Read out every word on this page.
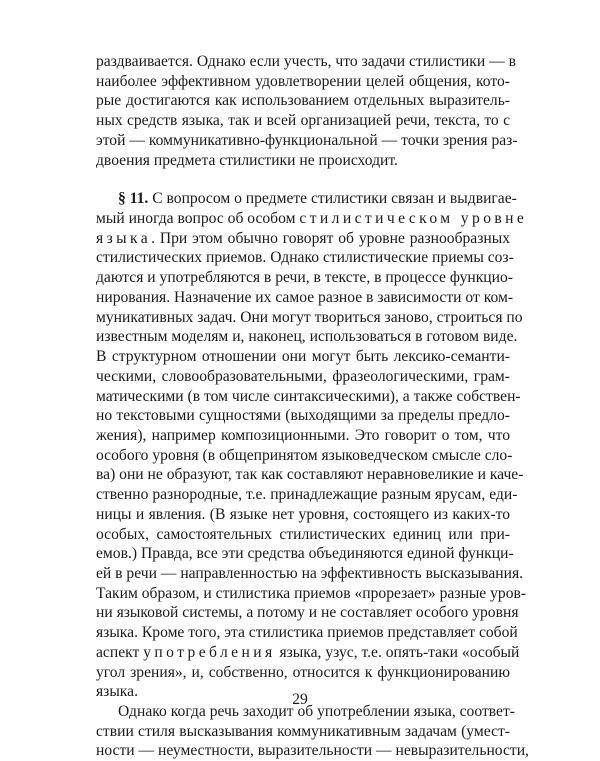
раздваивается. Однако если учесть, что задачи стилистики — в
наиболее эффективном удовлетворении целей общения, кото-
рые достигаются как использованием отдельных выразитель-
ных средств языка, так и всей организацией речи, текста, то с
этой — коммуникативно-функциональной — точки зрения раз-
двоения предмета стилистики не происходит.
§ 11. С вопросом о предмете стилистики связан и выдвигае-
мый иногда вопрос об особом стилистическом уровне
языка. При этом обычно говорят об уровне разнообразных
стилистических приемов. Однако стилистические приемы соз-
даются и употребляются в речи, в тексте, в процессе функцио-
нирования. Назначение их самое разное в зависимости от ком-
муникативных задач. Они могут твориться заново, строиться по
известным моделям и, наконец, использоваться в готовом виде.
В структурном отношении они могут быть лексико-семанти-
ческими, словообразовательными, фразеологическими, грам-
матическими (в том числе синтаксическими), а также собствен-
но текстовыми сущностями (выходящими за пределы предло-
жения), например композиционными. Это говорит о том, что
особого уровня (в общепринятом языковедческом смысле сло-
ва) они не образуют, так как составляют неравновеликие и каче-
ственно разнородные, т.е. принадлежащие разным ярусам, еди-
ницы и явления. (В языке нет уровня, состоящего из каких-то
особых, самостоятельных стилистических единиц или при-
емов.) Правда, все эти средства объединяются единой функци-
ей в речи — направленностью на эффективность высказывания.
Таким образом, и стилистика приемов «прорезает» разные уров-
ни языковой системы, а потому и не составляет особого уровня
языка. Кроме того, эта стилистика приемов представляет собой
аспект употребления языка, узус, т.е. опять-таки «особый
угол зрения», и, собственно, относится к функционированию
языка.
Однако когда речь заходит об употреблении языка, соответ-
ствии стиля высказывания коммуникативным задачам (умест-
ности — неуместности, выразительности — невыразительности,
29
